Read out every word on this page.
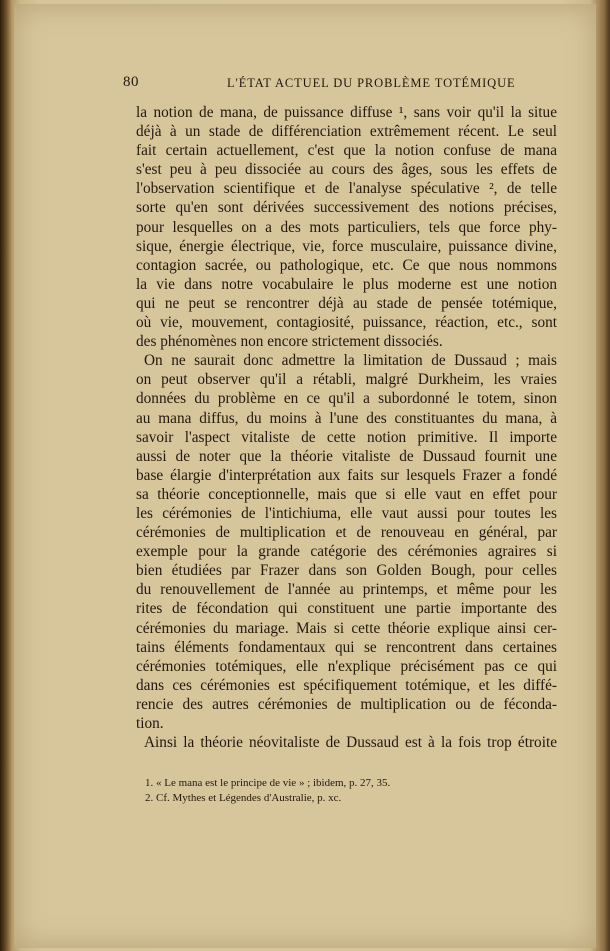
80	L'ÉTAT ACTUEL DU PROBLÈME TOTÉMIQUE
la notion de mana, de puissance diffuse ¹, sans voir qu'il la situe
déjà à un stade de différenciation extrêmement récent. Le seul
fait certain actuellement, c'est que la notion confuse de mana
s'est peu à peu dissociée au cours des âges, sous les effets de
l'observation scientifique et de l'analyse spéculative ², de telle
sorte qu'en sont dérivées successivement des notions précises,
pour lesquelles on a des mots particuliers, tels que force phy-
sique, énergie électrique, vie, force musculaire, puissance divine,
contagion sacrée, ou pathologique, etc. Ce que nous nommons
la vie dans notre vocabulaire le plus moderne est une notion
qui ne peut se rencontrer déjà au stade de pensée totémique,
où vie, mouvement, contagiosité, puissance, réaction, etc., sont
des phénomènes non encore strictement dissociés.
On ne saurait donc admettre la limitation de Dussaud ; mais
on peut observer qu'il a rétabli, malgré Durkheim, les vraies
données du problème en ce qu'il a subordonné le totem, sinon
au mana diffus, du moins à l'une des constituantes du mana, à
savoir l'aspect vitaliste de cette notion primitive. Il importe
aussi de noter que la théorie vitaliste de Dussaud fournit une
base élargie d'interprétation aux faits sur lesquels Frazer a fondé
sa théorie conceptionnelle, mais que si elle vaut en effet pour
les cérémonies de l'intichiuma, elle vaut aussi pour toutes les
cérémonies de multiplication et de renouveau en général, par
exemple pour la grande catégorie des cérémonies agraires si
bien étudiées par Frazer dans son Golden Bough, pour celles
du renouvellement de l'année au printemps, et même pour les
rites de fécondation qui constituent une partie importante des
cérémonies du mariage. Mais si cette théorie explique ainsi cer-
tains éléments fondamentaux qui se rencontrent dans certaines
cérémonies totémiques, elle n'explique précisément pas ce qui
dans ces cérémonies est spécifiquement totémique, et les diffé-
rencie des autres cérémonies de multiplication ou de féconda-
tion.
Ainsi la théorie néovitaliste de Dussaud est à la fois trop étroite
1. « Le mana est le principe de vie » ; ibidem, p. 27, 35.
2. Cf. Mythes et Légendes d'Australie, p. xc.
